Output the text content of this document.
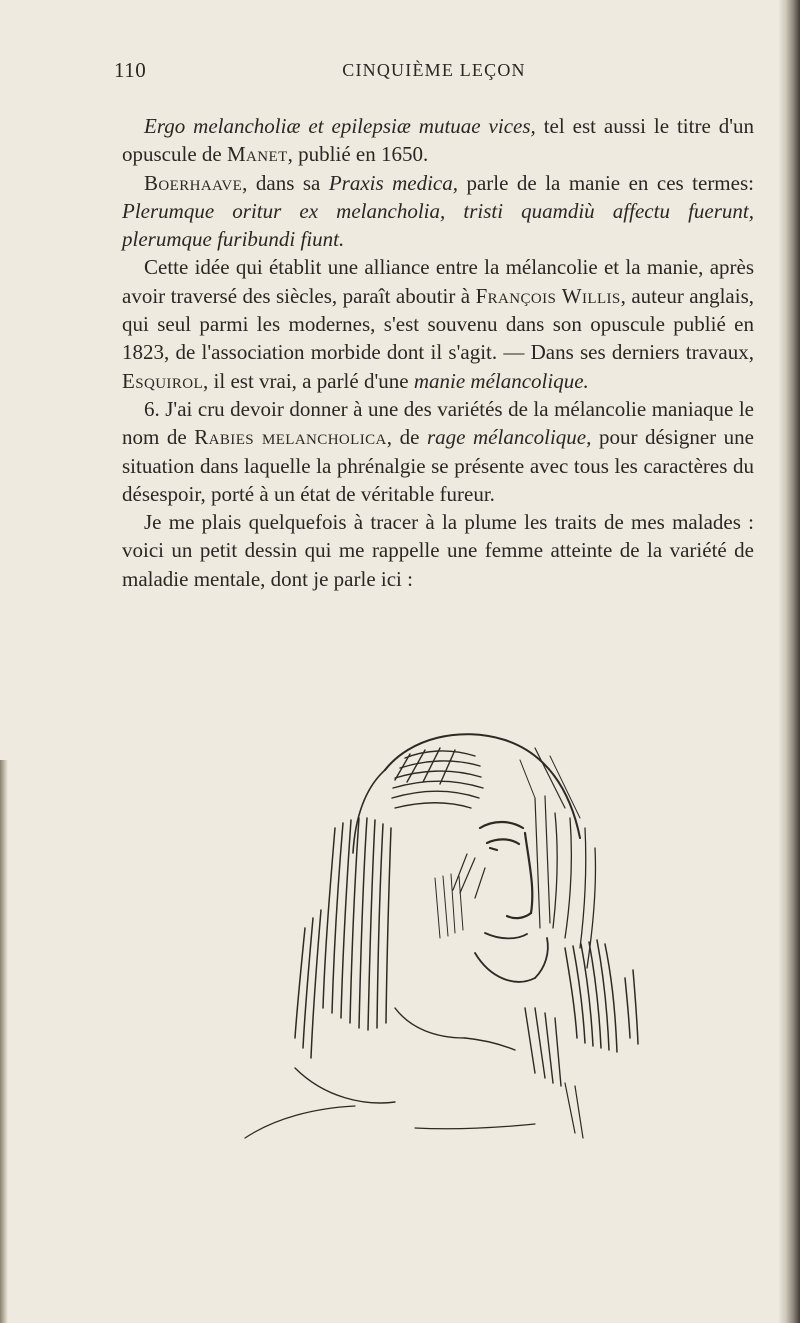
110	CINQUIÈME LEÇON

Ergo melancholiæ et epilepsiæ mutuae vices, tel est aussi le titre d'un opuscule de Manet, publié en 1650.

Boerhaave, dans sa Praxis medica, parle de la manie en ces termes: Plerumque oritur ex melancholia, tristi quamdiù affectu fuerunt, plerumque furibundi fiunt.

Cette idée qui établit une alliance entre la mélancolie et la manie, après avoir traversé des siècles, paraît aboutir à François Willis, auteur anglais, qui seul parmi les modernes, s'est souvenu dans son opuscule publié en 1823, de l'association morbide dont il s'agit. — Dans ses derniers travaux, Esquirol, il est vrai, a parlé d'une manie mélancolique.

6. J'ai cru devoir donner à une des variétés de la mélancolie maniaque le nom de Rabies melancholica, de rage mélancolique, pour désigner une situation dans laquelle la phrénalgie se présente avec tous les caractères du désespoir, porté à un état de véritable fureur.

Je me plais quelquefois à tracer à la plume les traits de mes malades : voici un petit dessin qui me rappelle une femme atteinte de la variété de maladie mentale, dont je parle ici :
